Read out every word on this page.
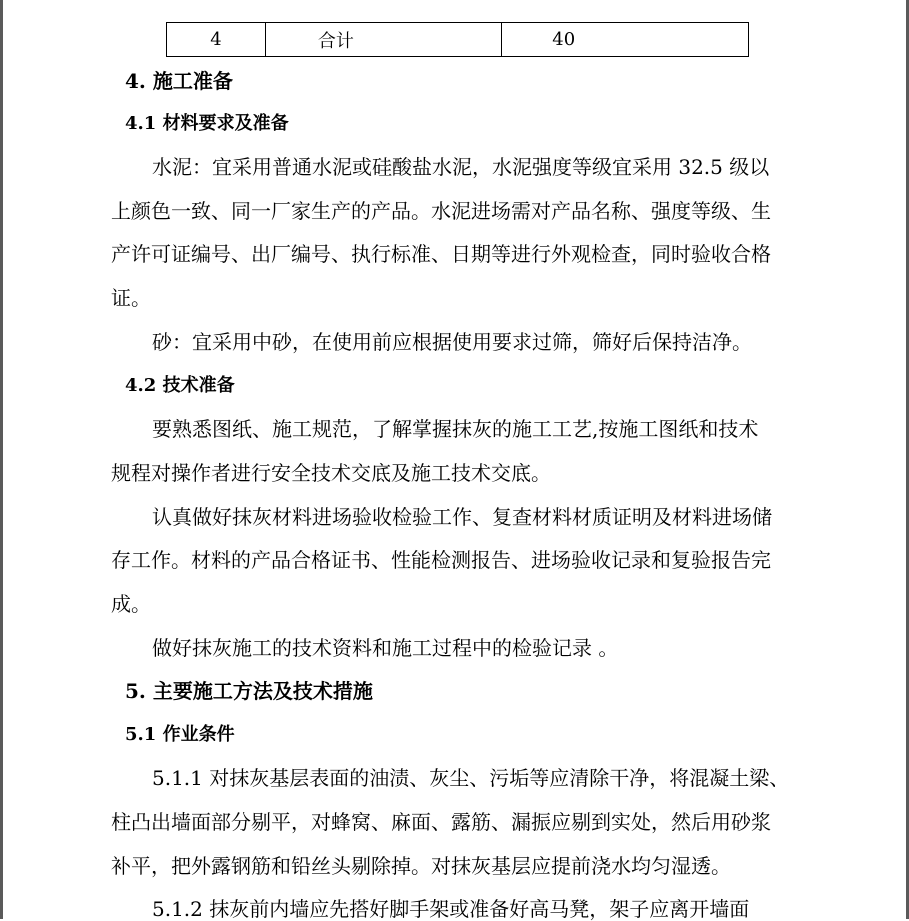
4	合计	40
4. 施工准备
4.1 材料要求及准备
水泥：宜采用普通水泥或硅酸盐水泥，水泥强度等级宜采用 32.5 级以
上颜色一致、同一厂家生产的产品。水泥进场需对产品名称、强度等级、生
产许可证编号、出厂编号、执行标准、日期等进行外观检查，同时验收合格
证。
砂：宜采用中砂，在使用前应根据使用要求过筛，筛好后保持洁净。
4.2 技术准备
要熟悉图纸、施工规范，了解掌握抹灰的施工工艺,按施工图纸和技术
规程对操作者进行安全技术交底及施工技术交底。
认真做好抹灰材料进场验收检验工作、复查材料材质证明及材料进场储
存工作。材料的产品合格证书、性能检测报告、进场验收记录和复验报告完
成。
做好抹灰施工的技术资料和施工过程中的检验记录 。
5. 主要施工方法及技术措施
5.1 作业条件
5.1.1 对抹灰基层表面的油渍、灰尘、污垢等应清除干净，将混凝土梁、
柱凸出墙面部分剔平，对蜂窝、麻面、露筋、漏振应剔到实处，然后用砂浆
补平，把外露钢筋和铅丝头剔除掉。对抹灰基层应提前浇水均匀湿透。
5.1.2 抹灰前内墙应先搭好脚手架或准备好高马凳，架子应离开墙面
